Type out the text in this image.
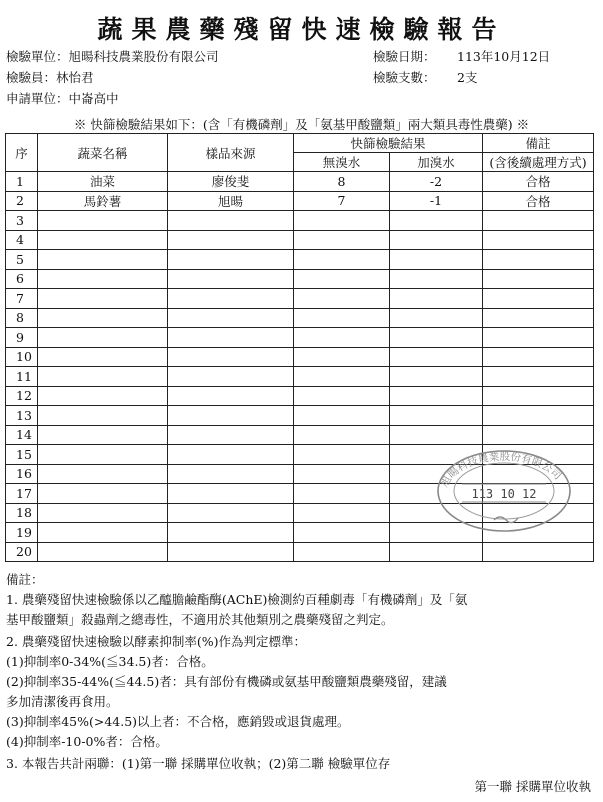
蔬果農藥殘留快速檢驗報告
檢驗單位：旭暘科技農業股份有限公司	檢驗日期： 113年10月12日
檢驗員：林怡君	檢驗支數： 2支
申請單位：中崙高中
※ 快篩檢驗結果如下：(含「有機磷劑」及「氨基甲酸鹽類」兩大類具毒性農藥) ※
序	蔬菜名稱	樣品來源	快篩檢驗結果		備註
			無溴水	加溴水	(含後續處理方式)
1	油菜	廖俊斐	8	-2	合格
2	馬鈴薯	旭暘	7	-1	合格
3					
4					
5					
6					
7					
8					
9					
10					
11					
12					
13					
14					
15					
16					
17					
18					
19					
20					
旭暘科技農業股份有限公司
113 10 12
備註：
1. 農藥殘留快速檢驗係以乙醯膽鹼酯酶(AChE)檢測約百種劇毒「有機磷劑」及「氨
基甲酸鹽類」殺蟲劑之總毒性，不適用於其他類別之農藥殘留之判定。
2. 農藥殘留快速檢驗以酵素抑制率(%)作為判定標準：
(1)抑制率0-34%(≦34.5)者：合格。
(2)抑制率35-44%(≦44.5)者：具有部份有機磷或氨基甲酸鹽類農藥殘留，建議
多加清潔後再食用。
(3)抑制率45%(>44.5)以上者：不合格，應銷毀或退貨處理。
(4)抑制率-10-0%者：合格。
3. 本報告共計兩聯：(1)第一聯 採購單位收執；(2)第二聯 檢驗單位存
第一聯 採購單位收執
